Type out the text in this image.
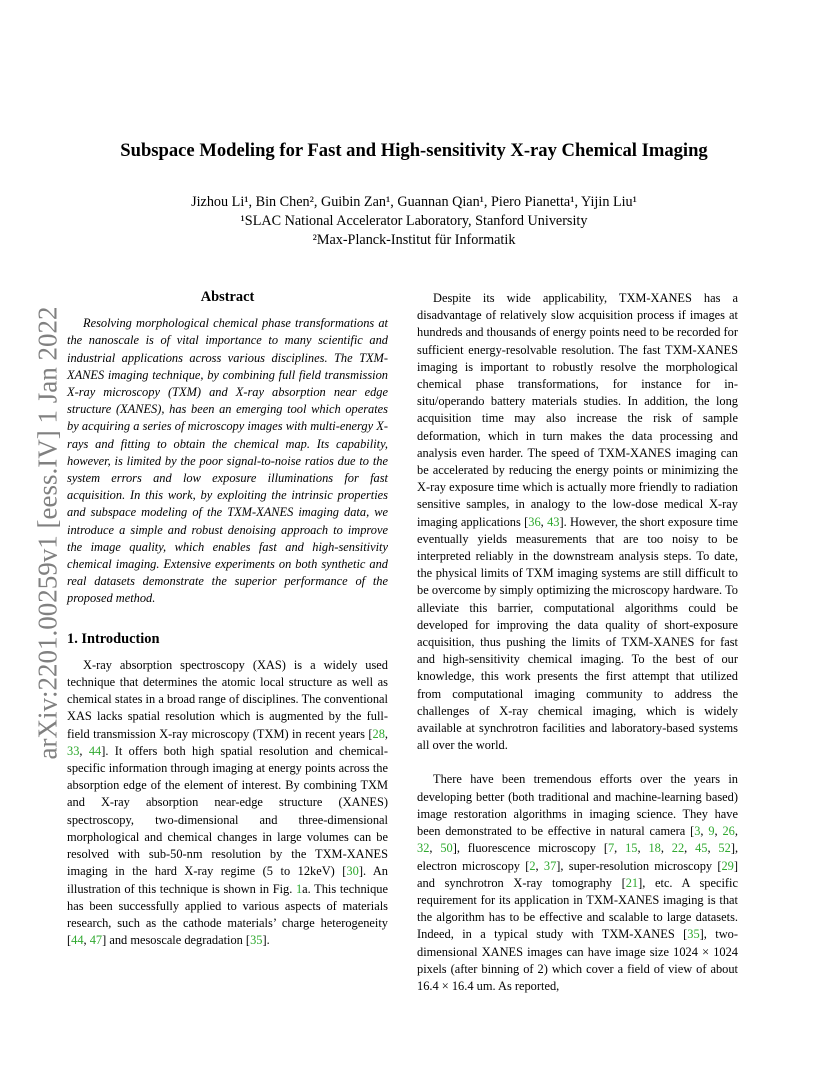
Subspace Modeling for Fast and High-sensitivity X-ray Chemical Imaging
Jizhou Li¹, Bin Chen², Guibin Zan¹, Guannan Qian¹, Piero Pianetta¹, Yijin Liu¹
¹SLAC National Accelerator Laboratory, Stanford University
²Max-Planck-Institut für Informatik
arXiv:2201.00259v1 [eess.IV] 1 Jan 2022
Abstract

Resolving morphological chemical phase transformations at the nanoscale is of vital importance to many scientific and industrial applications across various disciplines. The TXM-XANES imaging technique, by combining full field transmission X-ray microscopy (TXM) and X-ray absorption near edge structure (XANES), has been an emerging tool which operates by acquiring a series of microscopy images with multi-energy X-rays and fitting to obtain the chemical map. Its capability, however, is limited by the poor signal-to-noise ratios due to the system errors and low exposure illuminations for fast acquisition. In this work, by exploiting the intrinsic properties and subspace modeling of the TXM-XANES imaging data, we introduce a simple and robust denoising approach to improve the image quality, which enables fast and high-sensitivity chemical imaging. Extensive experiments on both synthetic and real datasets demonstrate the superior performance of the proposed method.

1. Introduction

X-ray absorption spectroscopy (XAS) is a widely used technique that determines the atomic local structure as well as chemical states in a broad range of disciplines. The conventional XAS lacks spatial resolution which is augmented by the full-field transmission X-ray microscopy (TXM) in recent years [28, 33, 44]. It offers both high spatial resolution and chemical-specific information through imaging at energy points across the absorption edge of the element of interest. By combining TXM and X-ray absorption near-edge structure (XANES) spectroscopy, two-dimensional and three-dimensional morphological and chemical changes in large volumes can be resolved with sub-50-nm resolution by the TXM-XANES imaging in the hard X-ray regime (5 to 12keV) [30]. An illustration of this technique is shown in Fig. 1a. This technique has been successfully applied to various aspects of materials research, such as the cathode materials’ charge heterogeneity [44, 47] and mesoscale degradation [35].

Despite its wide applicability, TXM-XANES has a disadvantage of relatively slow acquisition process if images at hundreds and thousands of energy points need to be recorded for sufficient energy-resolvable resolution. The fast TXM-XANES imaging is important to robustly resolve the morphological chemical phase transformations, for instance for in-situ/operando battery materials studies. In addition, the long acquisition time may also increase the risk of sample deformation, which in turn makes the data processing and analysis even harder. The speed of TXM-XANES imaging can be accelerated by reducing the energy points or minimizing the X-ray exposure time which is actually more friendly to radiation sensitive samples, in analogy to the low-dose medical X-ray imaging applications [36, 43]. However, the short exposure time eventually yields measurements that are too noisy to be interpreted reliably in the downstream analysis steps. To date, the physical limits of TXM imaging systems are still difficult to be overcome by simply optimizing the microscopy hardware. To alleviate this barrier, computational algorithms could be developed for improving the data quality of short-exposure acquisition, thus pushing the limits of TXM-XANES for fast and high-sensitivity chemical imaging. To the best of our knowledge, this work presents the first attempt that utilized from computational imaging community to address the challenges of X-ray chemical imaging, which is widely available at synchrotron facilities and laboratory-based systems all over the world.

There have been tremendous efforts over the years in developing better (both traditional and machine-learning based) image restoration algorithms in imaging science. They have been demonstrated to be effective in natural camera [3, 9, 26, 32, 50], fluorescence microscopy [7, 15, 18, 22, 45, 52], electron microscopy [2, 37], super-resolution microscopy [29] and synchrotron X-ray tomography [21], etc. A specific requirement for its application in TXM-XANES imaging is that the algorithm has to be effective and scalable to large datasets. Indeed, in a typical study with TXM-XANES [35], two-dimensional XANES images can have image size 1024 × 1024 pixels (after binning of 2) which cover a field of view of about 16.4 × 16.4 um. As reported,
